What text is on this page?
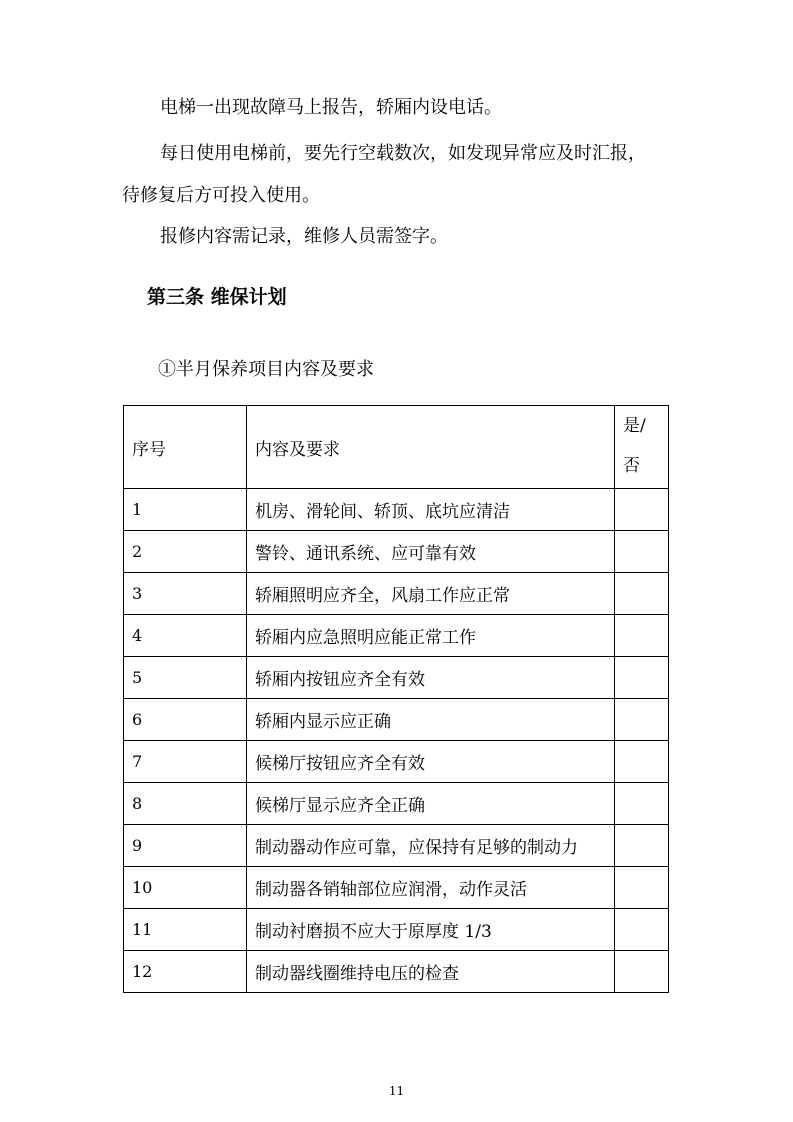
电梯一出现故障马上报告，轿厢内设电话。
每日使用电梯前，要先行空载数次，如发现异常应及时汇报，
待修复后方可投入使用。
报修内容需记录，维修人员需签字。
第三条 维保计划
①半月保养项目内容及要求
序号	内容及要求	是/
否

1	机房、滑轮间、轿顶、底坑应清洁	
2	警铃、通讯系统、应可靠有效	
3	轿厢照明应齐全，风扇工作应正常	
4	轿厢内应急照明应能正常工作	
5	轿厢内按钮应齐全有效	
6	轿厢内显示应正确	
7	候梯厅按钮应齐全有效	
8	候梯厅显示应齐全正确	
9	制动器动作应可靠，应保持有足够的制动力	
10	制动器各销轴部位应润滑，动作灵活	
11	制动衬磨损不应大于原厚度 1/3	
12	制动器线圈维持电压的检查	
11
